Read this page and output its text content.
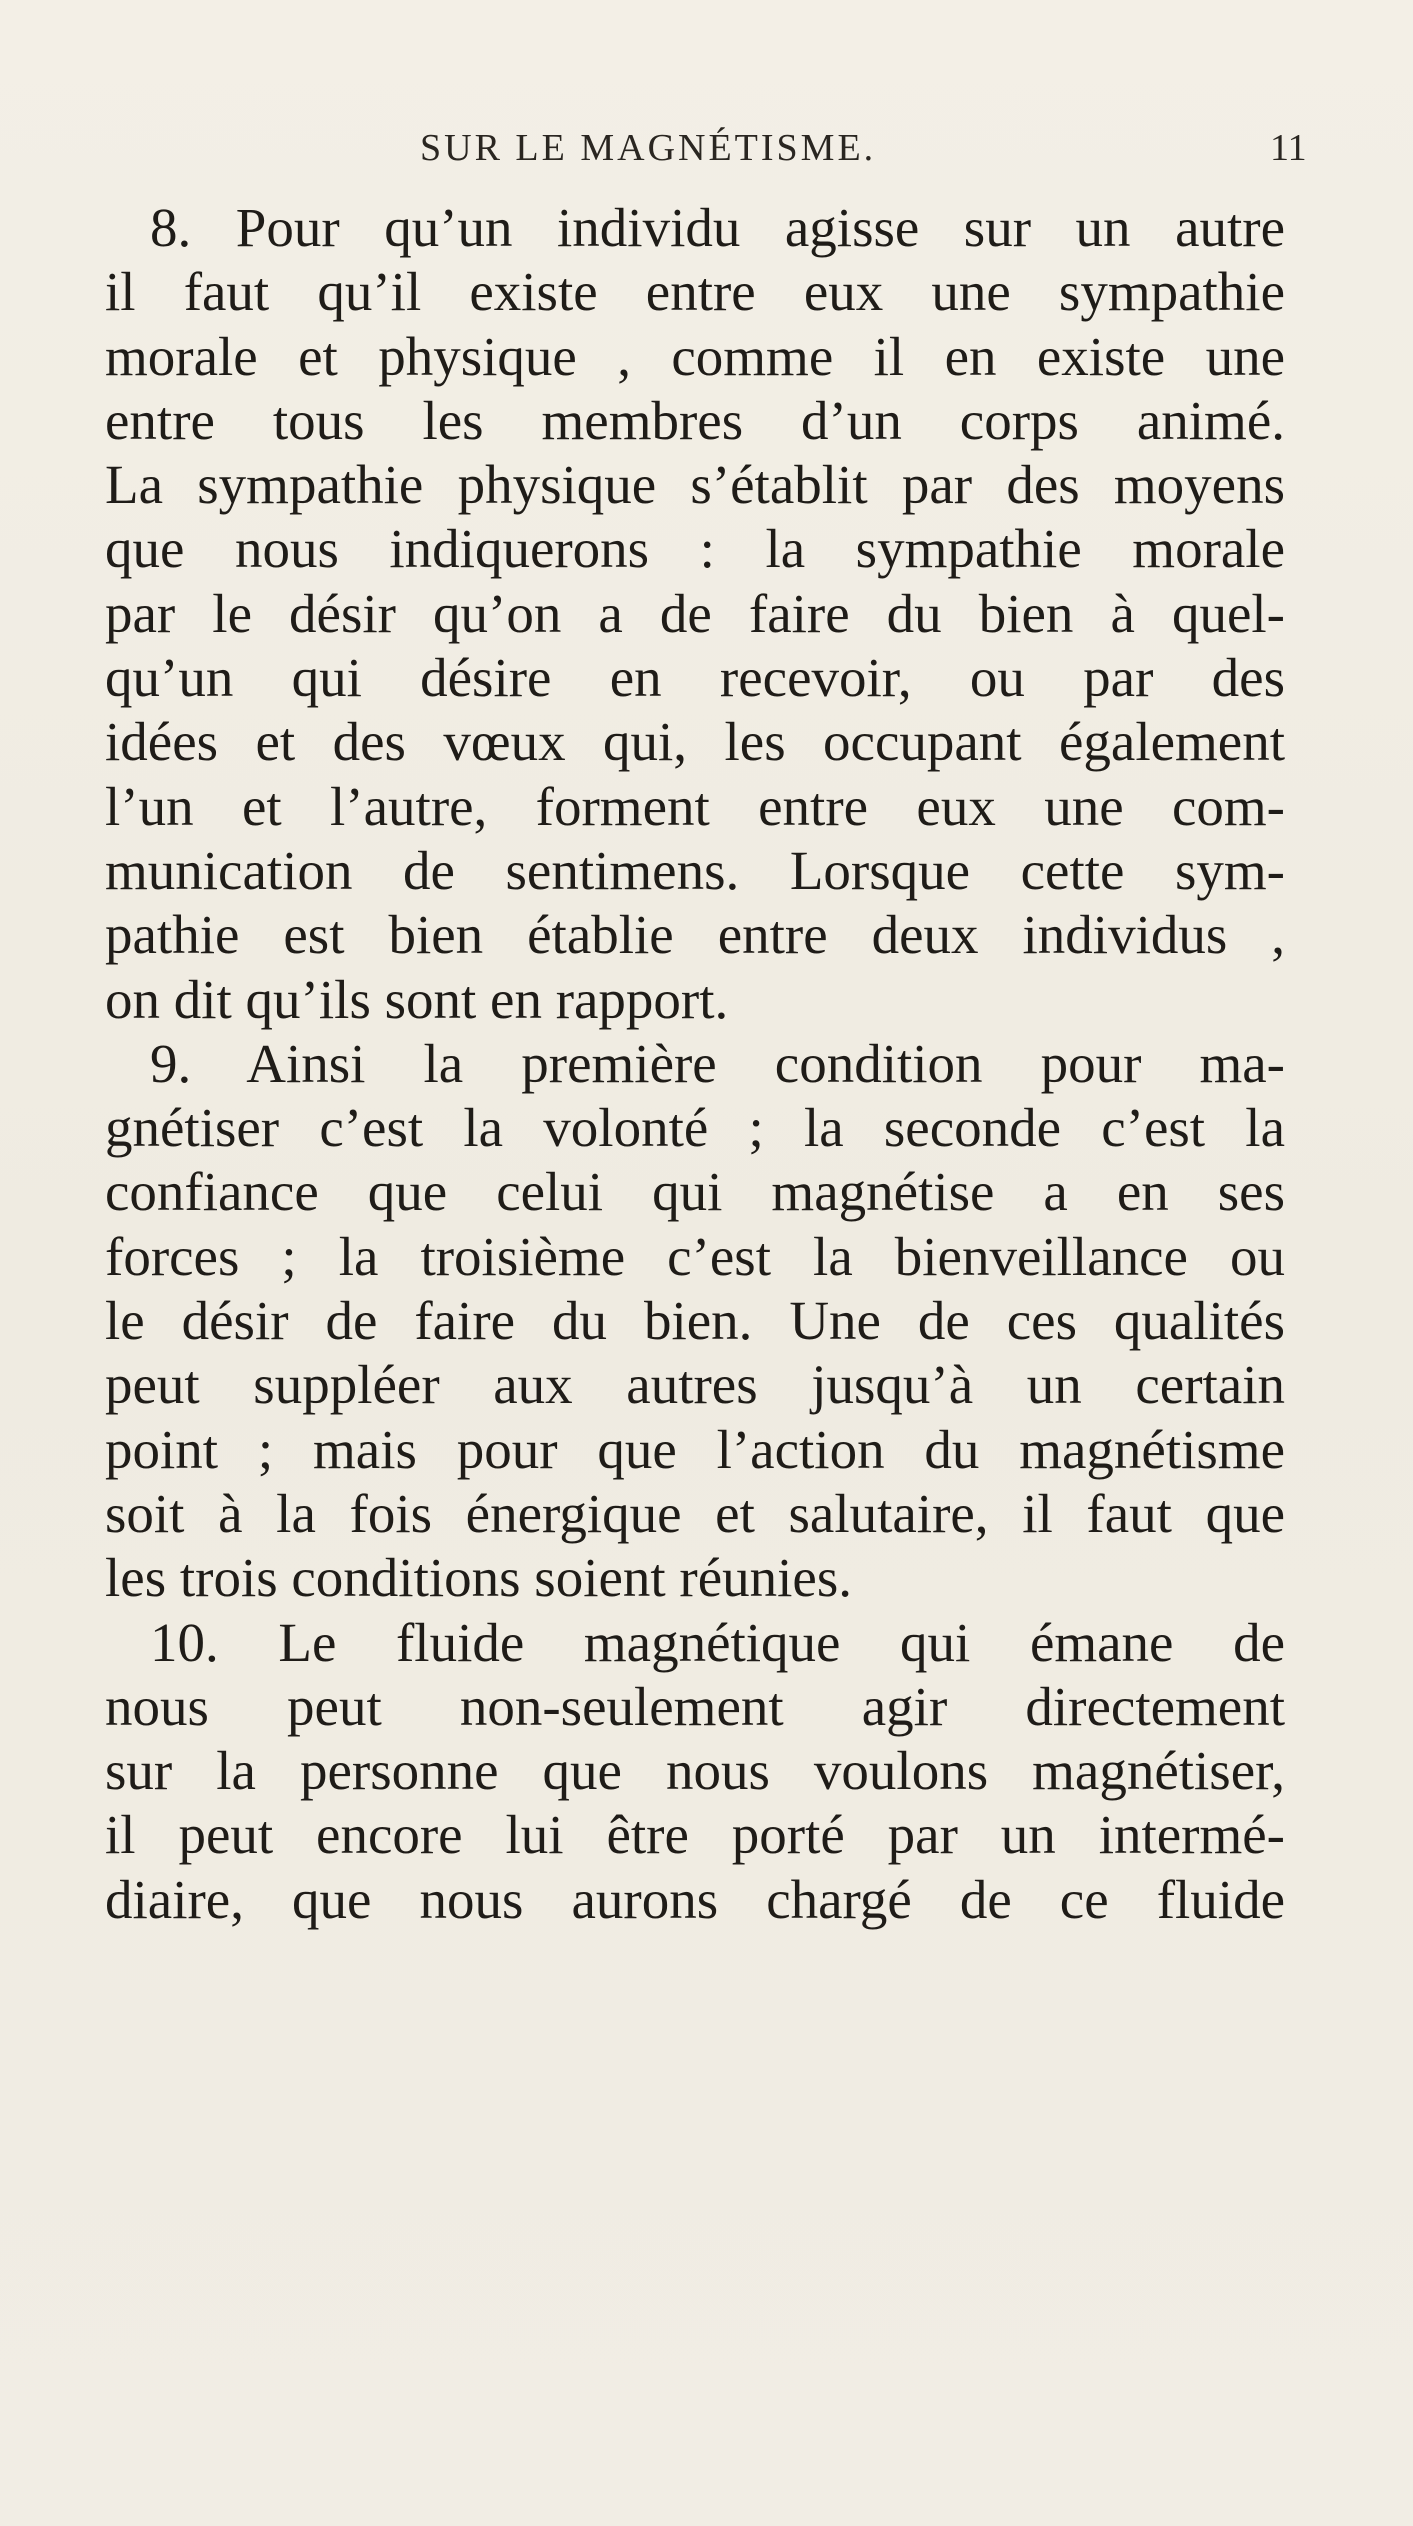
SUR LE MAGNÉTISME.	11
8. Pour qu’un individu agisse sur un autre
il faut qu’il existe entre eux une sympathie
morale et physique , comme il en existe une
entre tous les membres d’un corps animé.
La sympathie physique s’établit par des moyens
que nous indiquerons : la sympathie morale
par le désir qu’on a de faire du bien à quel-
qu’un qui désire en recevoir, ou par des
idées et des vœux qui, les occupant également
l’un et l’autre, forment entre eux une com-
munication de sentimens. Lorsque cette sym-
pathie est bien établie entre deux individus ,
on dit qu’ils sont en rapport.
9. Ainsi la première condition pour ma-
gnétiser c’est la volonté ; la seconde c’est la
confiance que celui qui magnétise a en ses
forces ; la troisième c’est la bienveillance ou
le désir de faire du bien. Une de ces qualités
peut suppléer aux autres jusqu’à un certain
point ; mais pour que l’action du magnétisme
soit à la fois énergique et salutaire, il faut que
les trois conditions soient réunies.
10. Le fluide magnétique qui émane de
nous peut non-seulement agir directement
sur la personne que nous voulons magnétiser,
il peut encore lui être porté par un intermé-
diaire, que nous aurons chargé de ce fluide
